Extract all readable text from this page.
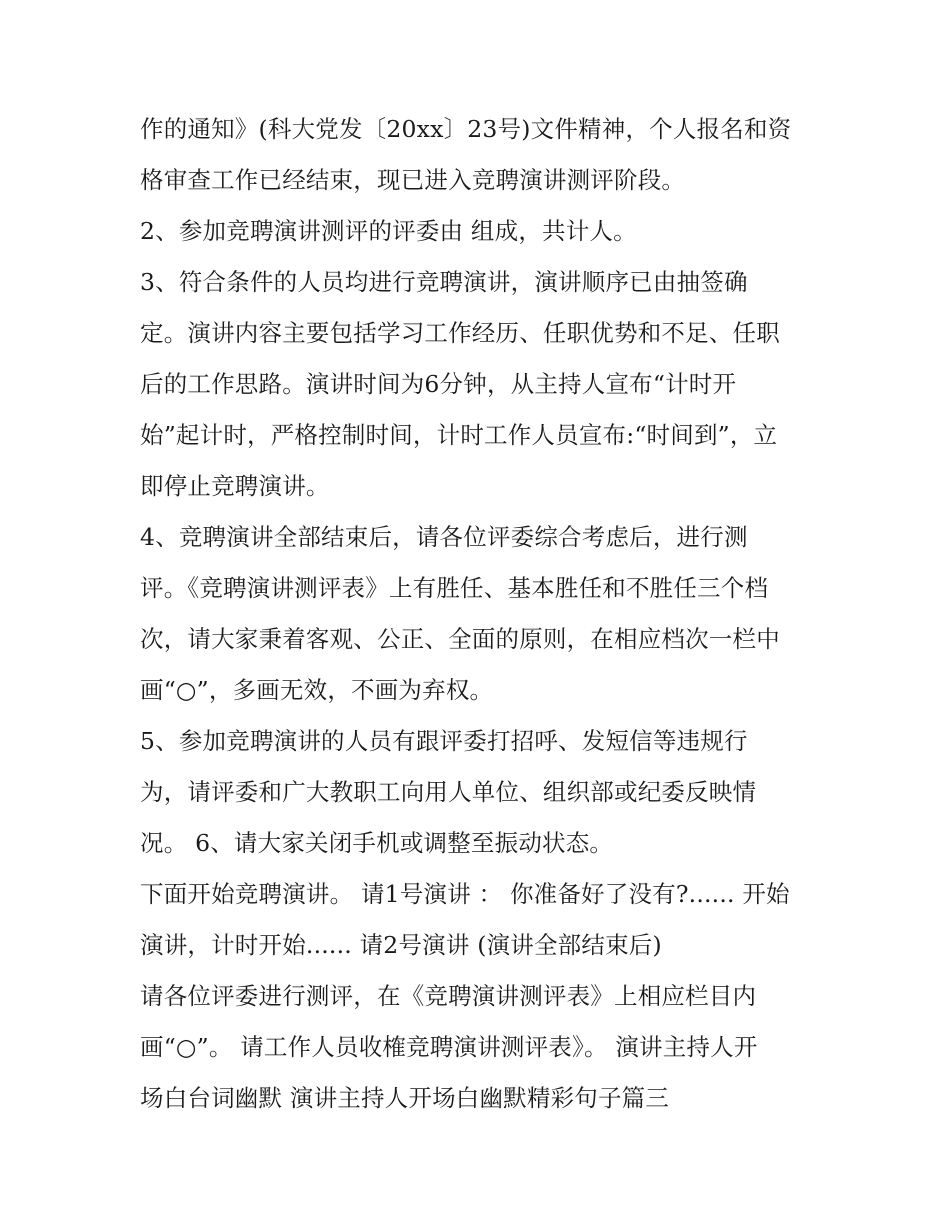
作的通知》(科大党发〔20xx〕23号)文件精神，个人报名和资

格审查工作已经结束，现已进入竞聘演讲测评阶段。

2、参加竞聘演讲测评的评委由 组成，共计人。

3、符合条件的人员均进行竞聘演讲，演讲顺序已由抽签确

定。演讲内容主要包括学习工作经历、任职优势和不足、任职

后的工作思路。演讲时间为6分钟，从主持人宣布“计时开

始”起计时，严格控制时间，计时工作人员宣布:“时间到”，立

即停止竞聘演讲。

4、竞聘演讲全部结束后，请各位评委综合考虑后，进行测

评。《竞聘演讲测评表》上有胜任、基本胜任和不胜任三个档

次，请大家秉着客观、公正、全面的原则，在相应档次一栏中

画“○”，多画无效，不画为弃权。

5、参加竞聘演讲的人员有跟评委打招呼、发短信等违规行

为，请评委和广大教职工向用人单位、组织部或纪委反映情

况。 6、请大家关闭手机或调整至振动状态。

下面开始竞聘演讲。 请1号演讲 ： 你准备好了没有?...... 开始

演讲，计时开始...... 请2号演讲 (演讲全部结束后)

请各位评委进行测评，在《竞聘演讲测评表》上相应栏目内

画“○”。 请工作人员收榷竞聘演讲测评表》。 演讲主持人开

场白台词幽默 演讲主持人开场白幽默精彩句子篇三
